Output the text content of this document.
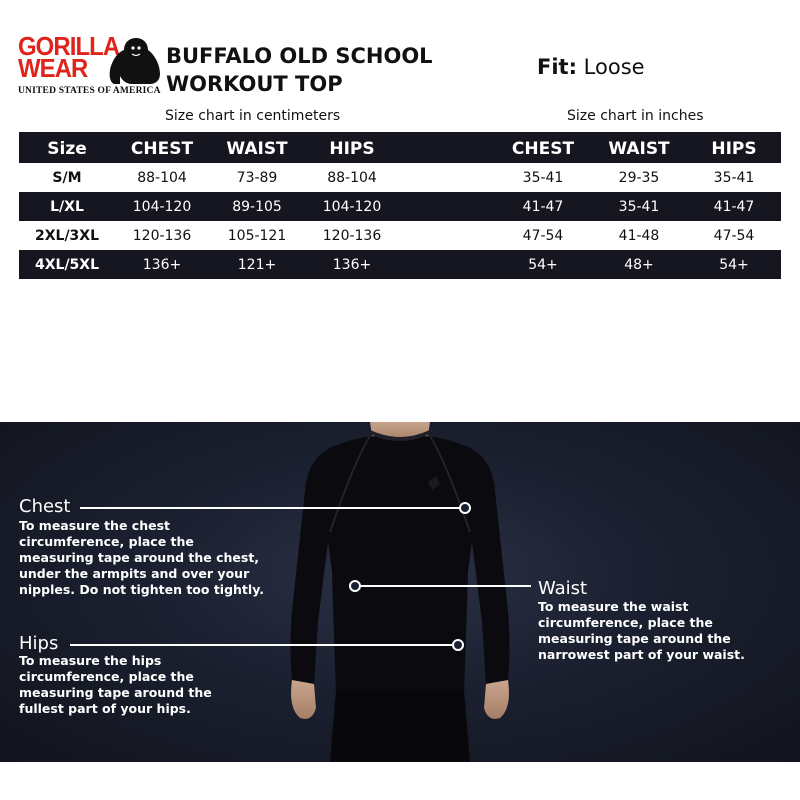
GORILLA
WEAR
UNITED STATES OF AMERICA
BUFFALO OLD SCHOOL
WORKOUT TOP
Fit: Loose
Size chart in centimeters	Size chart in inches
Size	CHEST	WAIST	HIPS	CHEST	WAIST	HIPS
S/M	88-104	73-89	88-104	35-41	29-35	35-41
L/XL	104-120	89-105	104-120	41-47	35-41	41-47
2XL/3XL	120-136	105-121	120-136	47-54	41-48	47-54
4XL/5XL	136+	121+	136+	54+	48+	54+
Chest
To measure the chest
circumference, place the
measuring tape around the chest,
under the armpits and over your
nipples. Do not tighten too tightly.	Waist
To measure the waist
circumference, place the
measuring tape around the
narrowest part of your waist.
Hips
To measure the hips
circumference, place the
measuring tape around the
fullest part of your hips.
